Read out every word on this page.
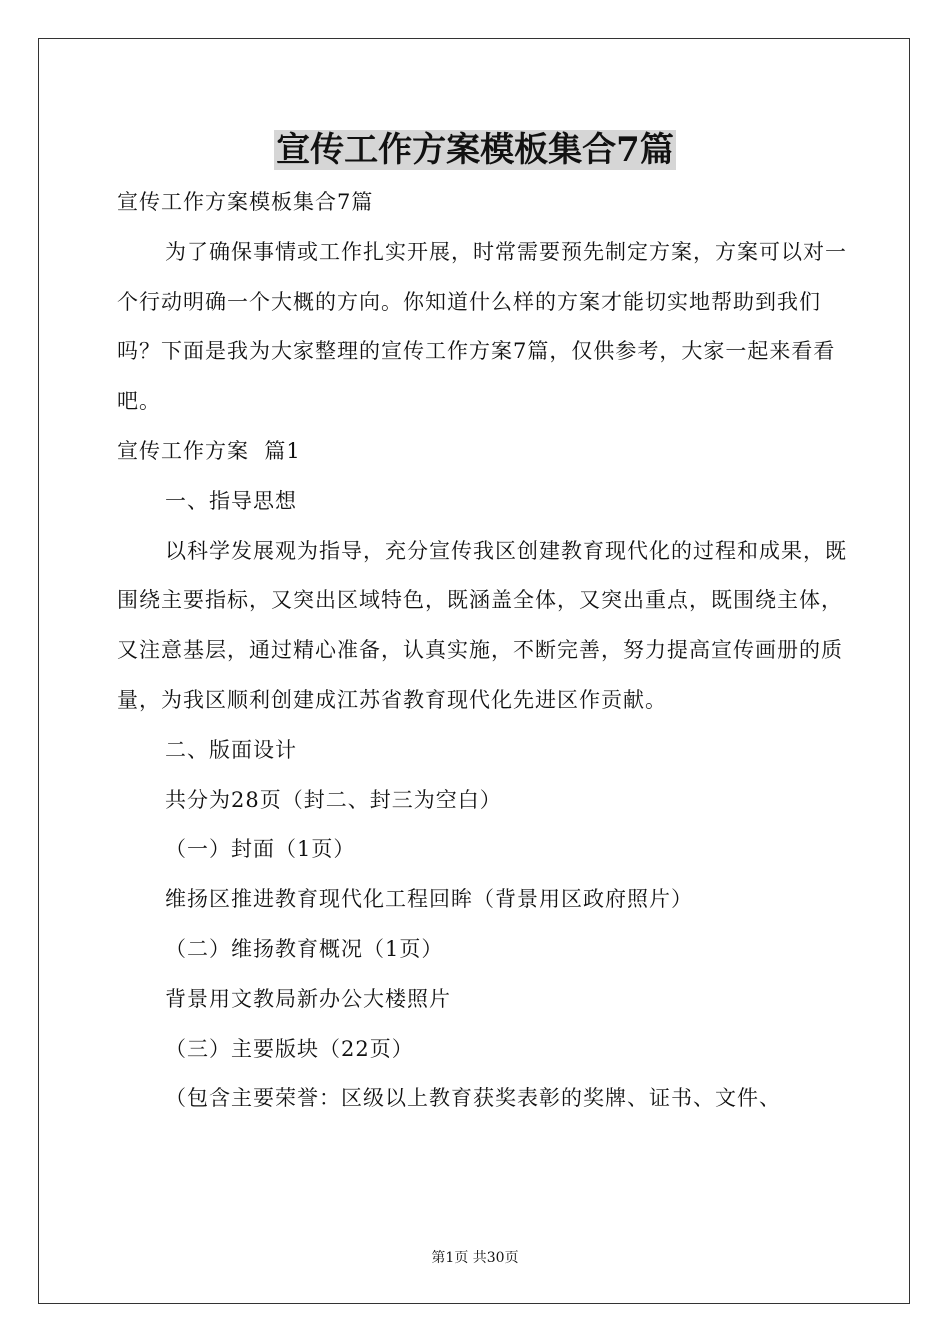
宣传工作方案模板集合7篇

宣传工作方案模板集合7篇

为了确保事情或工作扎实开展，时常需要预先制定方案，方案可以对一个行动明确一个大概的方向。你知道什么样的方案才能切实地帮助到我们吗？下面是我为大家整理的宣传工作方案7篇，仅供参考，大家一起来看看吧。

宣传工作方案  篇1

一、指导思想

以科学发展观为指导，充分宣传我区创建教育现代化的过程和成果，既围绕主要指标，又突出区域特色，既涵盖全体，又突出重点，既围绕主体，又注意基层，通过精心准备，认真实施，不断完善，努力提高宣传画册的质量，为我区顺利创建成江苏省教育现代化先进区作贡献。

二、版面设计

共分为28页（封二、封三为空白）

（一）封面（1页）

维扬区推进教育现代化工程回眸（背景用区政府照片）

（二）维扬教育概况（1页）

背景用文教局新办公大楼照片

（三）主要版块（22页）

（包含主要荣誉：区级以上教育获奖表彰的奖牌、证书、文件、

第1页 共30页
